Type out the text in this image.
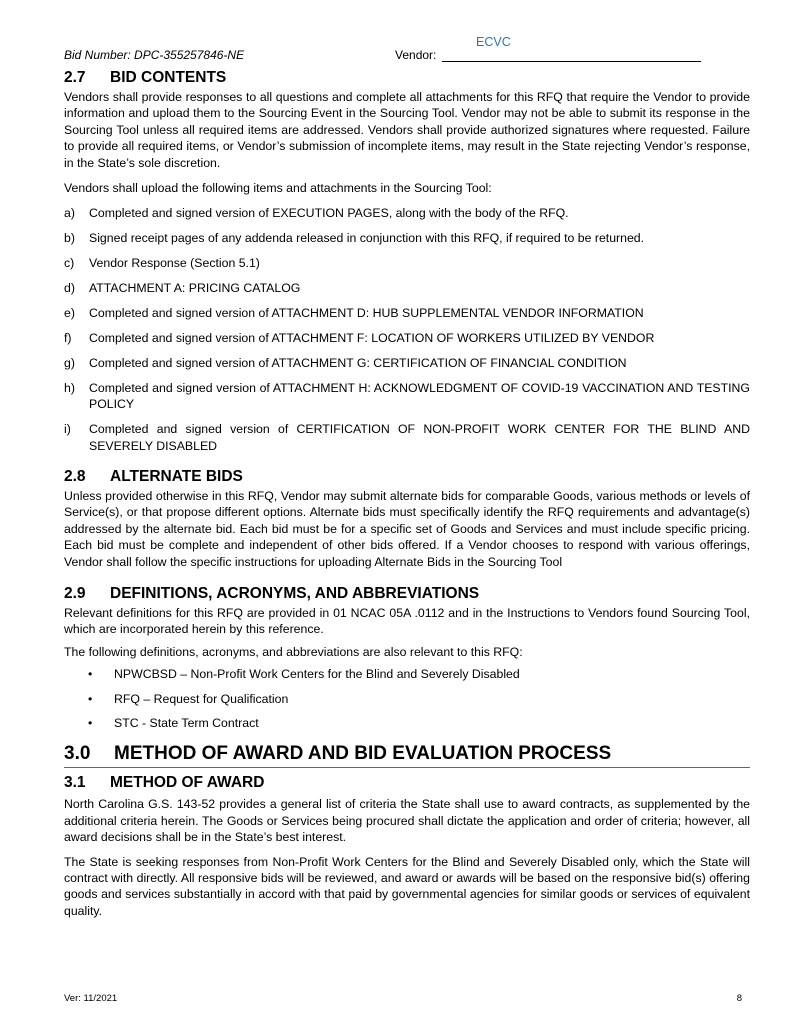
Bid Number: DPC-355257846-NE	Vendor:
ECVC
2.7 BID CONTENTS

Vendors shall provide responses to all questions and complete all attachments for this RFQ that require the Vendor to provide information and upload them to the Sourcing Event in the Sourcing Tool. Vendor may not be able to submit its response in the Sourcing Tool unless all required items are addressed. Vendors shall provide authorized signatures where requested. Failure to provide all required items, or Vendor’s submission of incomplete items, may result in the State rejecting Vendor’s response, in the State’s sole discretion.

Vendors shall upload the following items and attachments in the Sourcing Tool:

a) Completed and signed version of EXECUTION PAGES, along with the body of the RFQ.
b) Signed receipt pages of any addenda released in conjunction with this RFQ, if required to be returned.
c) Vendor Response (Section 5.1)
d) ATTACHMENT A: PRICING CATALOG
e) Completed and signed version of ATTACHMENT D: HUB SUPPLEMENTAL VENDOR INFORMATION
f) Completed and signed version of ATTACHMENT F: LOCATION OF WORKERS UTILIZED BY VENDOR
g) Completed and signed version of ATTACHMENT G: CERTIFICATION OF FINANCIAL CONDITION
h) Completed and signed version of ATTACHMENT H: ACKNOWLEDGMENT OF COVID-19 VACCINATION AND TESTING POLICY
i) Completed and signed version of CERTIFICATION OF NON-PROFIT WORK CENTER FOR THE BLIND AND SEVERELY DISABLED
2.8 ALTERNATE BIDS

Unless provided otherwise in this RFQ, Vendor may submit alternate bids for comparable Goods, various methods or levels of Service(s), or that propose different options. Alternate bids must specifically identify the RFQ requirements and advantage(s) addressed by the alternate bid. Each bid must be for a specific set of Goods and Services and must include specific pricing. Each bid must be complete and independent of other bids offered. If a Vendor chooses to respond with various offerings, Vendor shall follow the specific instructions for uploading Alternate Bids in the Sourcing Tool

2.9 DEFINITIONS, ACRONYMS, AND ABBREVIATIONS

Relevant definitions for this RFQ are provided in 01 NCAC 05A .0112 and in the Instructions to Vendors found Sourcing Tool, which are incorporated herein by this reference.

The following definitions, acronyms, and abbreviations are also relevant to this RFQ:

• NPWCBSD – Non-Profit Work Centers for the Blind and Severely Disabled
• RFQ – Request for Qualification
• STC - State Term Contract
3.0 METHOD OF AWARD AND BID EVALUATION PROCESS
3.1 METHOD OF AWARD

North Carolina G.S. 143-52 provides a general list of criteria the State shall use to award contracts, as supplemented by the additional criteria herein. The Goods or Services being procured shall dictate the application and order of criteria; however, all award decisions shall be in the State’s best interest.

The State is seeking responses from Non-Profit Work Centers for the Blind and Severely Disabled only, which the State will contract with directly. All responsive bids will be reviewed, and award or awards will be based on the responsive bid(s) offering goods and services substantially in accord with that paid by governmental agencies for similar goods or services of equivalent quality.

Ver: 11/2021	8
